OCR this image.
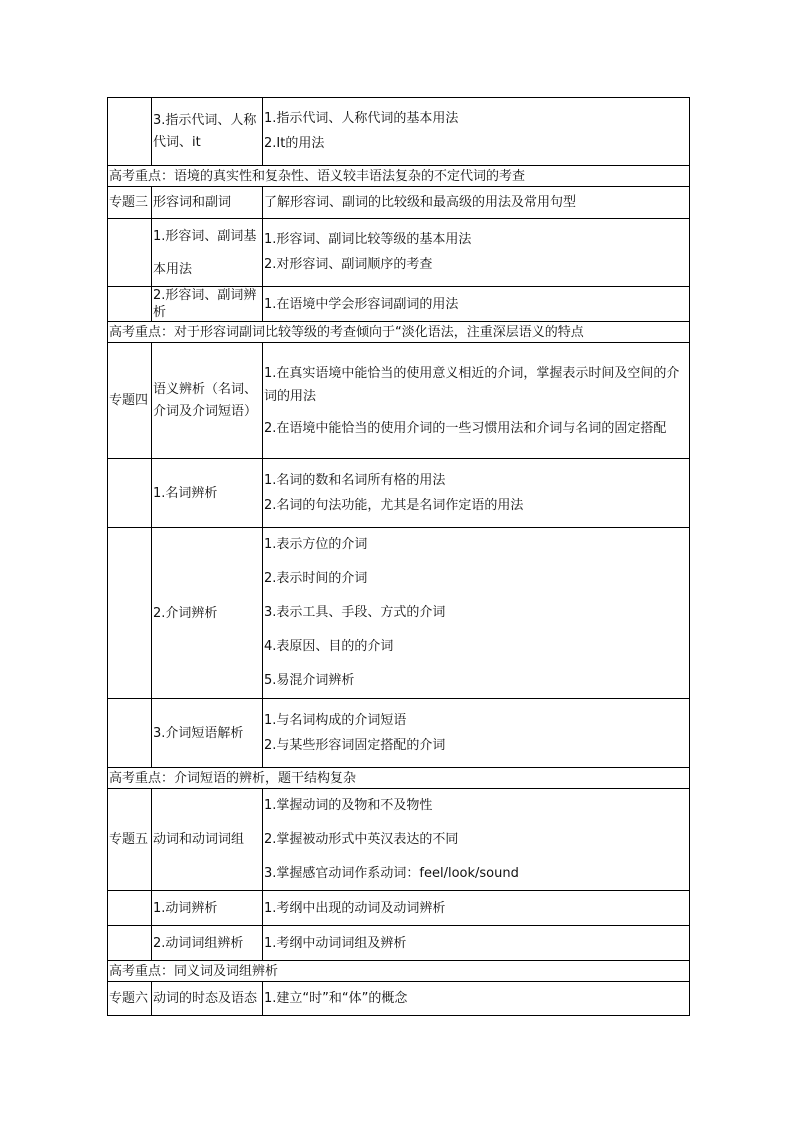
	3.指示代词、人称代词、it	1.指示代词、人称代词的基本用法
2.It的用法

高考重点：语境的真实性和复杂性、语义较丰语法复杂的不定代词的考查		
专题三	形容词和副词	了解形容词、副词的比较级和最高级的用法及常用句型
	1.形容词、副词基本用法	1.形容词、副词比较等级的基本用法
2.对形容词、副词顺序的考查

	2.形容词、副词辨析	1.在语境中学会形容词副词的用法
高考重点：对于形容词副词比较等级的考查倾向于“淡化语法，注重深层语义的特点		
专题四	语义辨析（名词、介词及介词短语）	1.在真实语境中能恰当的使用意义相近的介词，掌握表示时间及空间的介词的用法
2.在语境中能恰当的使用介词的一些习惯用法和介词与名词的固定搭配

	1.名词辨析	1.名词的数和名词所有格的用法
2.名词的句法功能，尤其是名词作定语的用法

	2.介词辨析	1.表示方位的介词
2.表示时间的介词
3.表示工具、手段、方式的介词
4.表原因、目的的介词
5.易混介词辨析

	3.介词短语解析	1.与名词构成的介词短语
2.与某些形容词固定搭配的介词

高考重点：介词短语的辨析，题干结构复杂		
专题五	动词和动词词组	1.掌握动词的及物和不及物性
2.掌握被动形式中英汉表达的不同
3.掌握感官动词作系动词：feel/look/sound

	1.动词辨析	1.考纲中出现的动词及动词辨析
	2.动词词组辨析	1.考纲中动词词组及辨析
高考重点：同义词及词组辨析		
专题六	动词的时态及语态	1.建立“时”和“体”的概念
